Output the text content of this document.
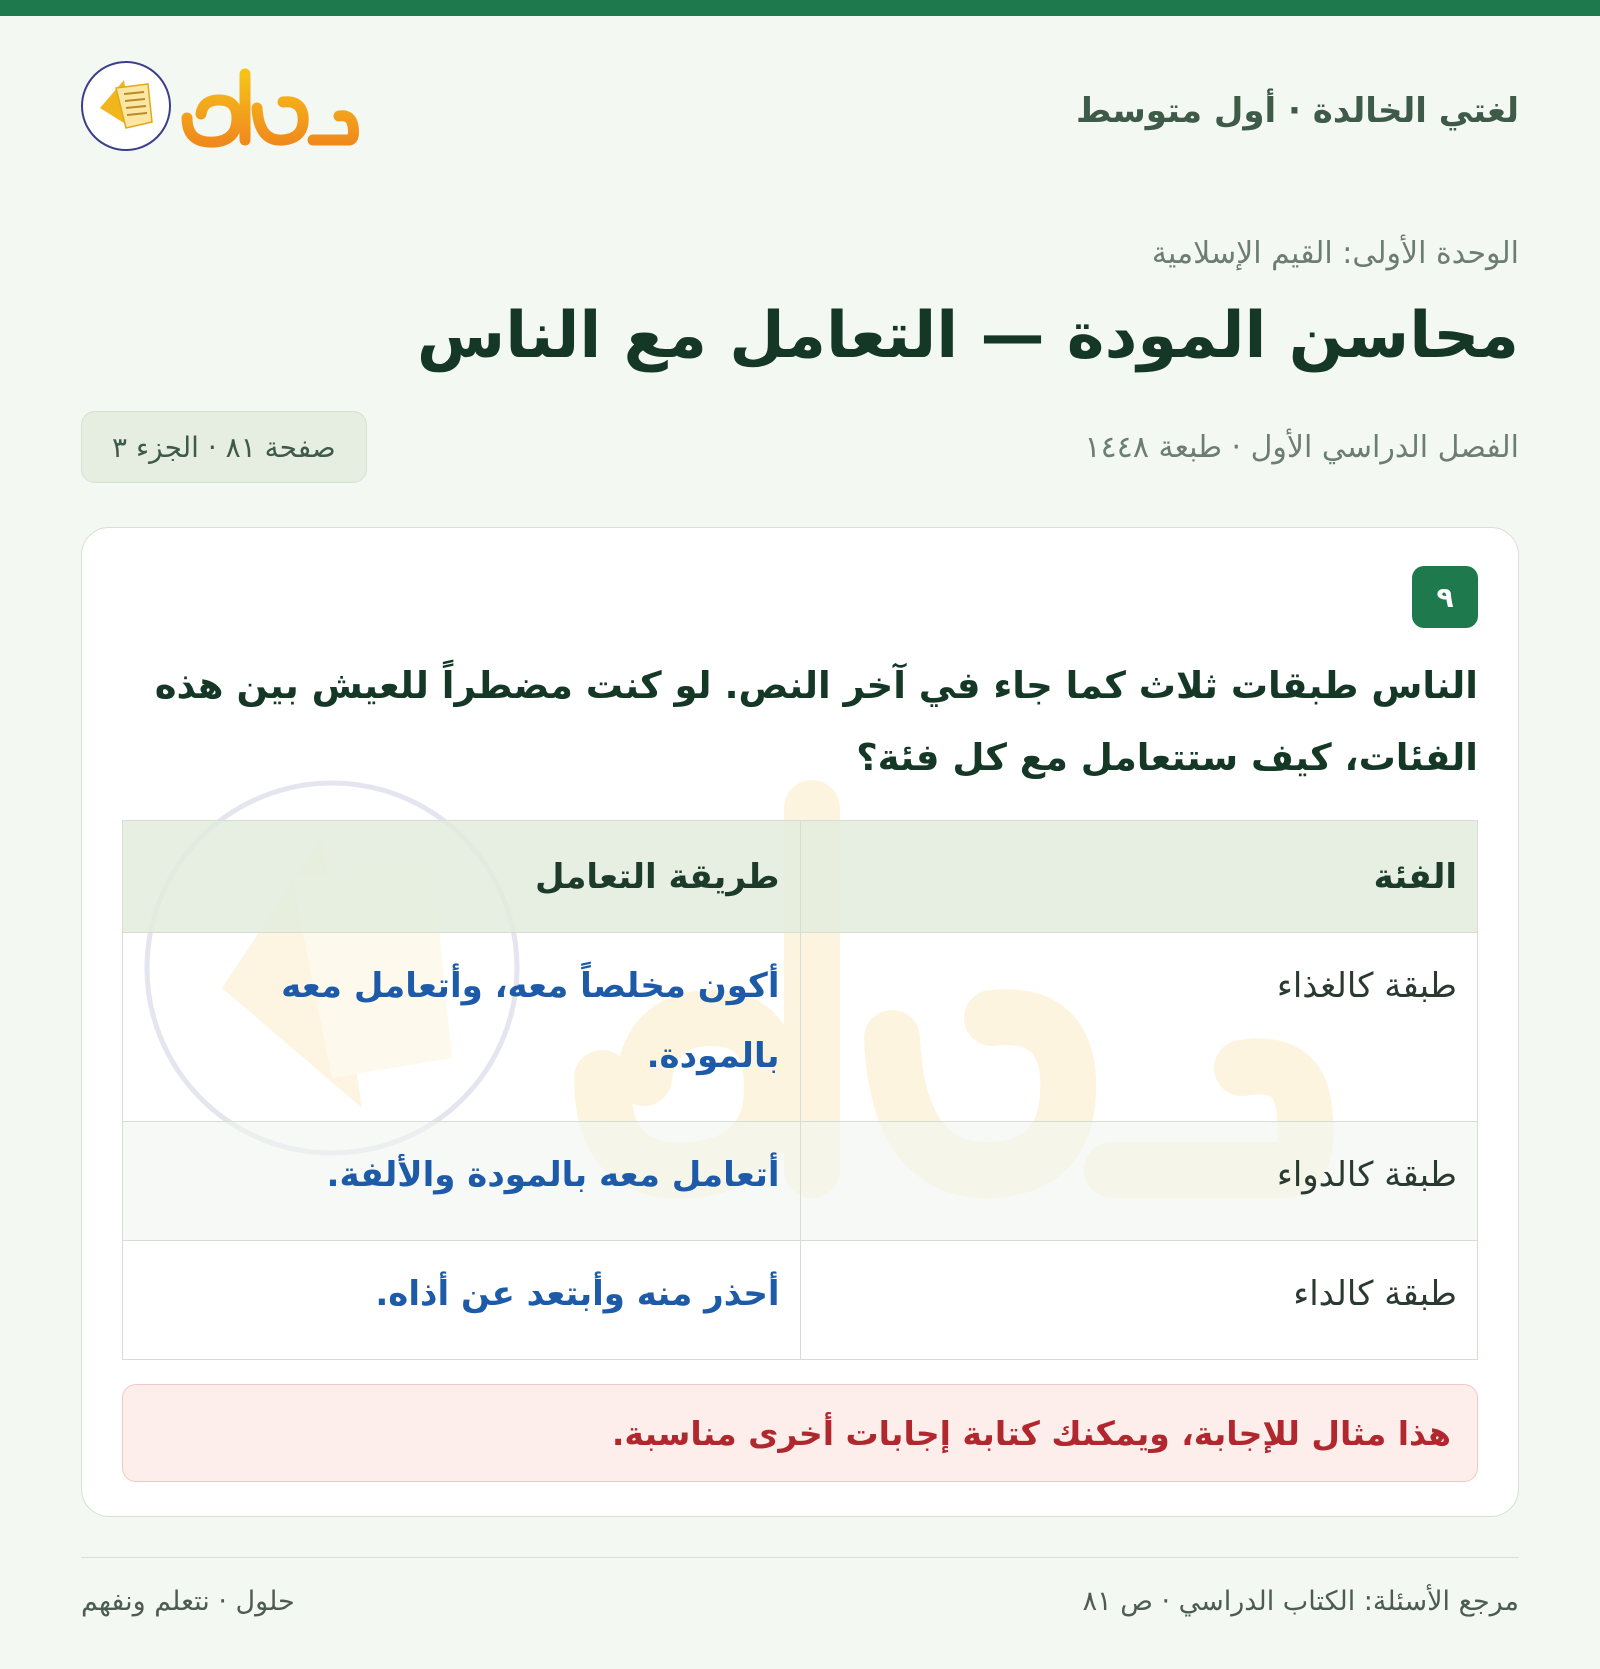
لغتي الخالدة · أول متوسط
الوحدة الأولى: القيم الإسلامية
محاسن المودة — التعامل مع الناس
الفصل الدراسي الأول · طبعة ١٤٤٨
صفحة ٨١ · الجزء ٣
٩
الناس طبقات ثلاث كما جاء في آخر النص. لو كنت مضطراً للعيش بين هذه الفئات، كيف ستتعامل مع كل فئة؟
الفئة	طريقة التعامل
طبقة كالغذاء	أكون مخلصاً معه، وأتعامل معه بالمودة.
طبقة كالدواء	أتعامل معه بالمودة والألفة.
طبقة كالداء	أحذر منه وأبتعد عن أذاه.
هذا مثال للإجابة، ويمكنك كتابة إجابات أخرى مناسبة.
مرجع الأسئلة: الكتاب الدراسي · ص ٨١
حلول · نتعلم ونفهم
